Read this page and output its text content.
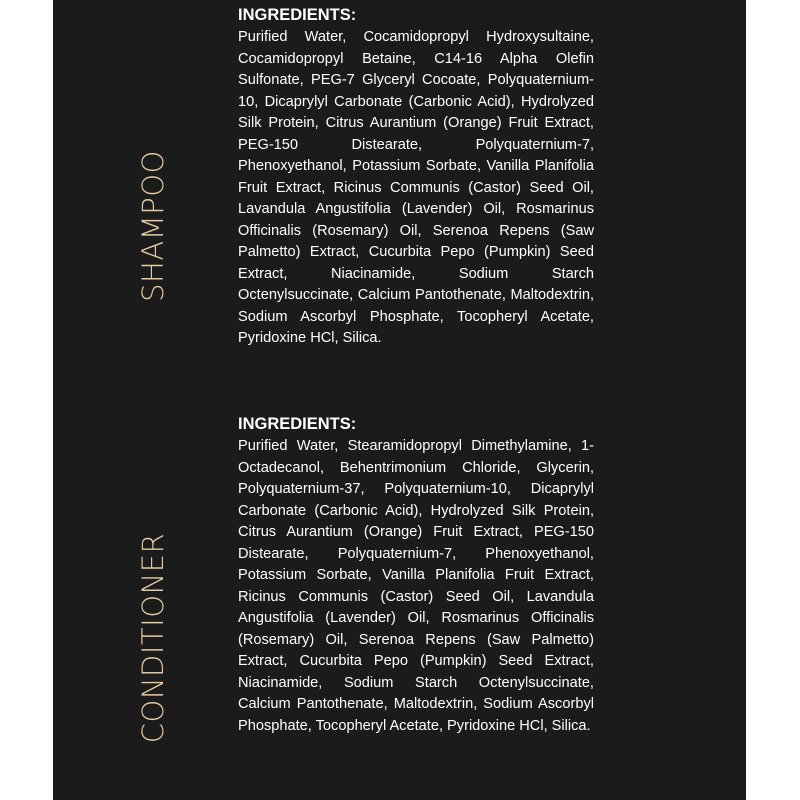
SHAMPOO
INGREDIENTS:

Purified Water, Cocamidopropyl Hydroxysultaine, Cocamidopropyl Betaine, C14-16 Alpha Olefin Sulfonate, PEG-7 Glyceryl Cocoate, Polyquaternium-10, Dicaprylyl Carbonate (Carbonic Acid), Hydrolyzed Silk Protein, Citrus Aurantium (Orange) Fruit Extract, PEG-150 Distearate, Polyquaternium-7, Phenoxyethanol, Potassium Sorbate, Vanilla Planifolia Fruit Extract, Ricinus Communis (Castor) Seed Oil, Lavandula Angustifolia (Lavender) Oil, Rosmarinus Officinalis (Rosemary) Oil, Serenoa Repens (Saw Palmetto) Extract, Cucurbita Pepo (Pumpkin) Seed Extract, Niacinamide, Sodium Starch Octenylsuccinate, Calcium Pantothenate, Maltodextrin, Sodium Ascorbyl Phosphate, Tocopheryl Acetate, Pyridoxine HCl, Silica.

CONDITIONER
INGREDIENTS:

Purified Water, Stearamidopropyl Dimethylamine, 1-Octadecanol, Behentrimonium Chloride, Glycerin, Polyquaternium-37, Polyquaternium-10, Dicaprylyl Carbonate (Carbonic Acid), Hydrolyzed Silk Protein, Citrus Aurantium (Orange) Fruit Extract, PEG-150 Distearate, Polyquaternium-7, Phenoxyethanol, Potassium Sorbate, Vanilla Planifolia Fruit Extract, Ricinus Communis (Castor) Seed Oil, Lavandula Angustifolia (Lavender) Oil, Rosmarinus Officinalis (Rosemary) Oil, Serenoa Repens (Saw Palmetto) Extract, Cucurbita Pepo (Pumpkin) Seed Extract, Niacinamide, Sodium Starch Octenylsuccinate, Calcium Pantothenate, Maltodextrin, Sodium Ascorbyl Phosphate, Tocopheryl Acetate, Pyridoxine HCl, Silica.
